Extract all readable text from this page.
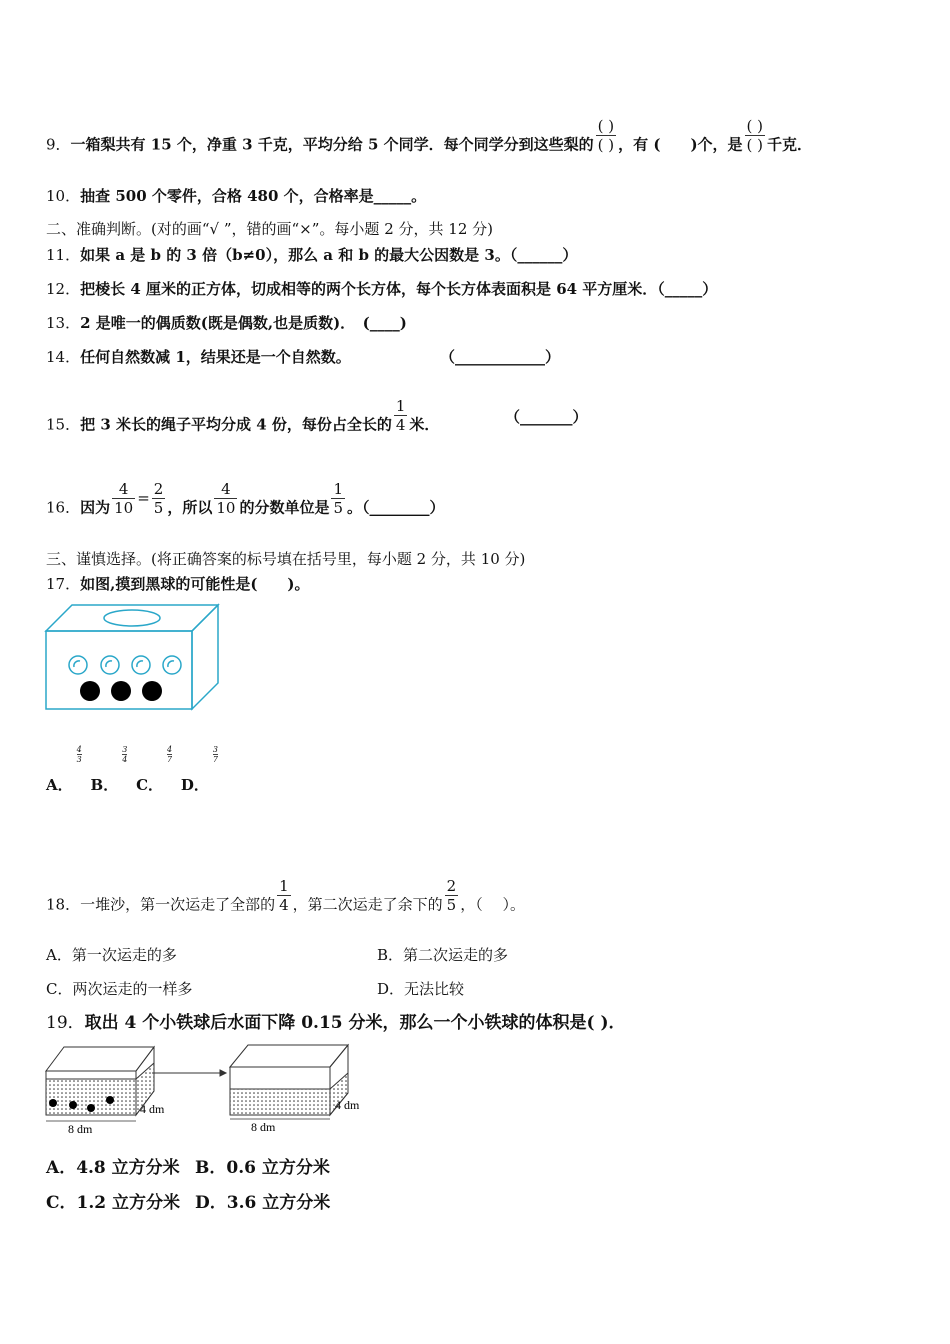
9．一箱梨共有 15 个，净重 3 千克，平均分给 5 个同学．每个同学分到这些梨的 $\frac{( )}{( )}$ ，有 (　　)个，是 $\frac{( )}{( )}$ 千克．
10．抽查 500 个零件，合格 480 个，合格率是_____。
二、准确判断。(对的画“√ ”，错的画“×”。每小题 2 分，共 12 分)
11．如果 a 是 b 的 3 倍（b≠0），那么 a 和 b 的最大公因数是 3。（______）
12．把棱长 4 厘米的正方体，切成相等的两个长方体，每个长方体表面积是 64 平方厘米．（_____）
13．2 是唯一的偶质数(既是偶数,也是质数)．　(____)
14．任何自然数减 1，结果还是一个自然数。	（____________）
15．把 3 米长的绳子平均分成 4 份，每份占全长的 $\frac{1}{4}$ 米．	（_______）
16．因为 $\frac{4}{10} = \frac{2}{5}$ ，所以 $\frac{4}{10}$ 的分数单位是 $\frac{1}{5}$ 。（________）
三、谨慎选择。(将正确答案的标号填在括号里，每小题 2 分，共 10 分)
17．如图,摸到黑球的可能性是(　　)。
A．$\frac{4}{3}$
B．$\frac{3}{4}$
C．$\frac{4}{7}$
D．$\frac{3}{7}$
18．一堆沙，第一次运走了全部的 $\frac{1}{4}$ ，第二次运走了余下的 $\frac{2}{5}$ ，（　 ）。
A．第一次运走的多	B．第二次运走的多
C．两次运走的一样多	D．无法比较
19．取出 4 个小铁球后水面下降 0.15 分米，那么一个小铁球的体积是( )．
8 dm
4 dm
8 dm
4 dm
A．4.8 立方分米 B．0.6 立方分米
C．1.2 立方分米 D．3.6 立方分米
